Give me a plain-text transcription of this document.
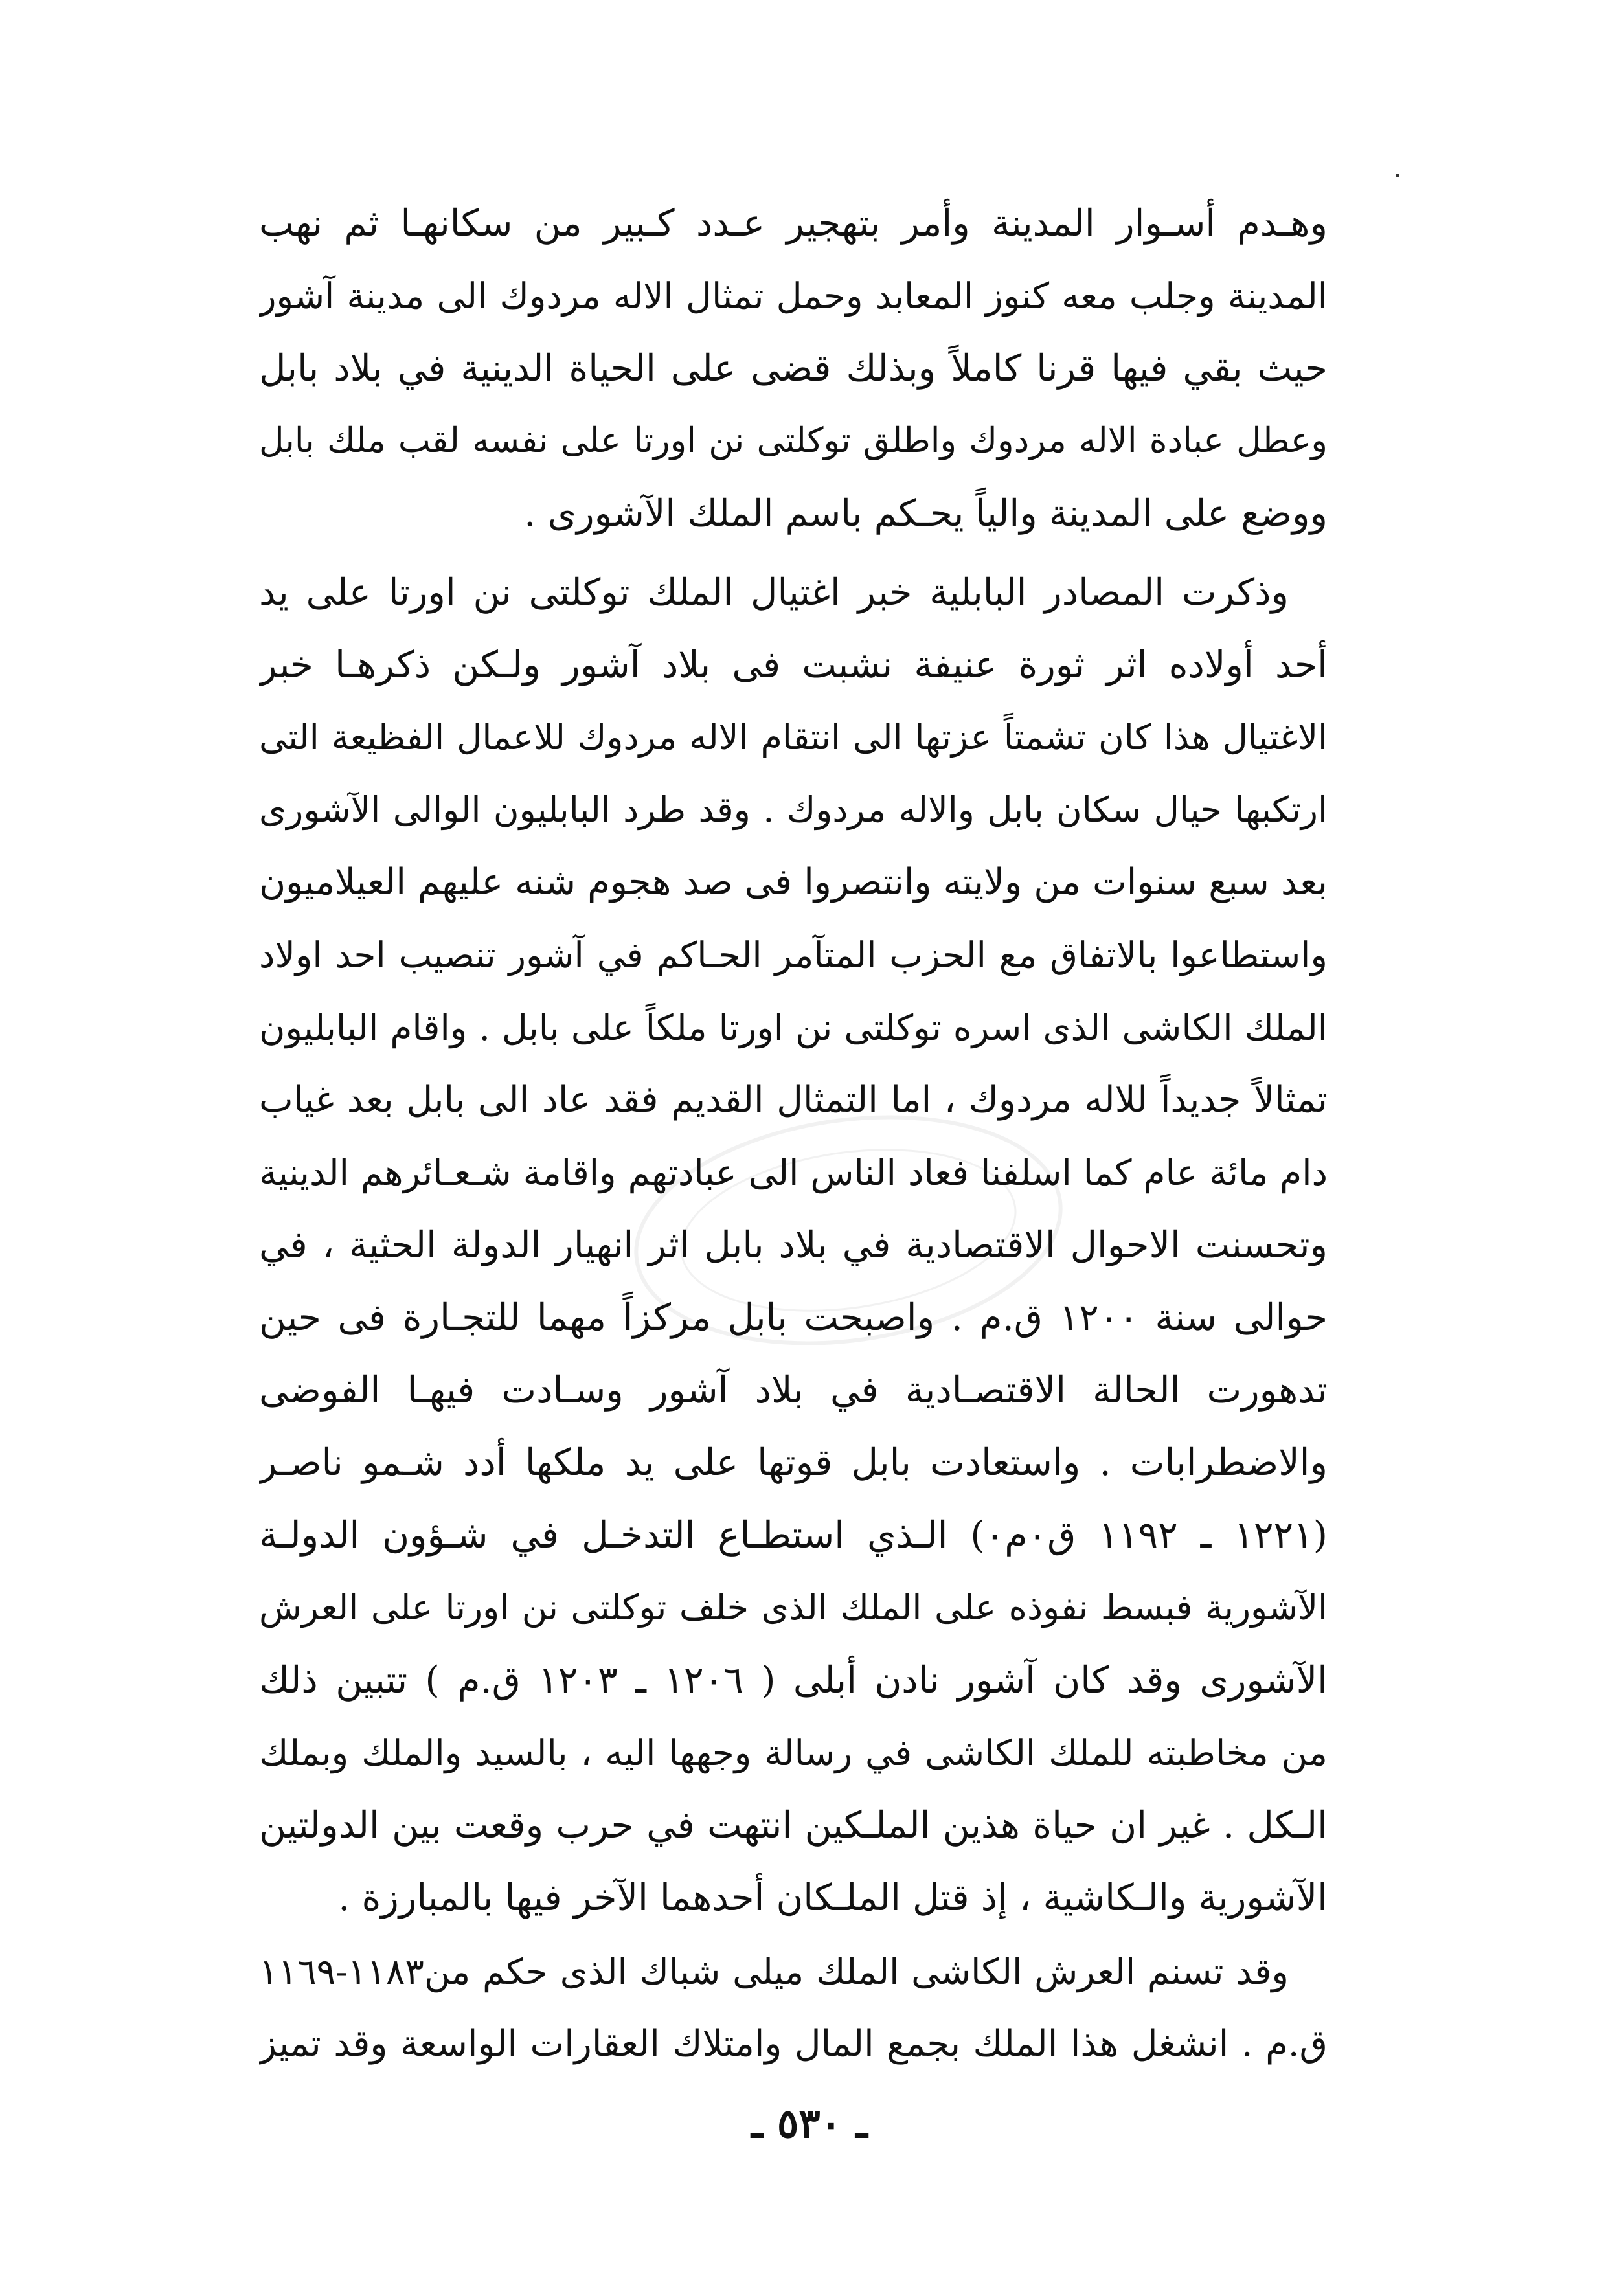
وهـدم أسـوار المدينة وأمر بتهجير عـدد كـبير من سكانهـا ثم نهب
المدينة وجلب معه كنوز المعابد وحمل تمثال الاله مردوك الى مدينة آشور
حيث بقي فيها قرنا كاملاً وبذلك قضى على الحياة الدينية في بلاد بابل
وعطل عبادة الاله مردوك واطلق توكلتى نن اورتا على نفسه لقب ملك بابل
ووضع على المدينة والياً يحـكم باسم الملك الآشورى .
وذكرت المصادر البابلية خبر اغتيال الملك توكلتى نن اورتا على يد
أحد أولاده اثر ثورة عنيفة نشبت فى بلاد آشور ولـكن ذكرهـا خبر
الاغتيال هذا كان تشمتاً عزتها الى انتقام الاله مردوك للاعمال الفظيعة التى
ارتكبها حيال سكان بابل والاله مردوك . وقد طرد البابليون الوالى الآشورى
بعد سبع سنوات من ولايته وانتصروا فى صد هجوم شنه عليهم العيلاميون
واستطاعوا بالاتفاق مع الحزب المتآمر الحـاكم في آشور تنصيب احد اولاد
الملك الكاشى الذى اسره توكلتى نن اورتا ملكاً على بابل . واقام البابليون
تمثالاً جديداً للاله مردوك ، اما التمثال القديم فقد عاد الى بابل بعد غياب
دام مائة عام كما اسلفنا فعاد الناس الى عبادتهم واقامة شـعـائرهم الدينية
وتحسنت الاحوال الاقتصادية في بلاد بابل اثر انهيار الدولة الحثية ، في
حوالى سنة ١٢٠٠ ق.م . واصبحت بابل مركزاً مهما للتجـارة فى حين
تدهورت الحالة الاقتصـادية في بلاد آشور وسـادت فيهـا الفوضى
والاضطرابات . واستعادت بابل قوتها على يد ملكها أدد شـمو ناصـر
(١٢٢١ ـ ١١٩٢ ق٠م٠) الـذي استطـاع التدخـل في شـؤون الدولـة
الآشورية فبسط نفوذه على الملك الذى خلف توكلتى نن اورتا على العرش
الآشورى وقد كان آشور نادن أبلى ( ١٢٠٦ ـ ١٢٠٣ ق.م ) تتبين ذلك
من مخاطبته للملك الكاشى في رسالة وجهها اليه ، بالسيد والملك وبملك
الـكل . غير ان حياة هذين الملـكين انتهت في حرب وقعت بين الدولتين
الآشورية والـكاشية ، إذ قتل الملـكان أحدهما الآخر فيها بالمبارزة .
وقد تسنم العرش الكاشى الملك ميلى شباك الذى حكم من١١٨٣-١١٦٩
ق.م . انشغل هذا الملك بجمع المال وامتلاك العقارات الواسعة وقد تميز
ـ ٥٣٠ ـ
